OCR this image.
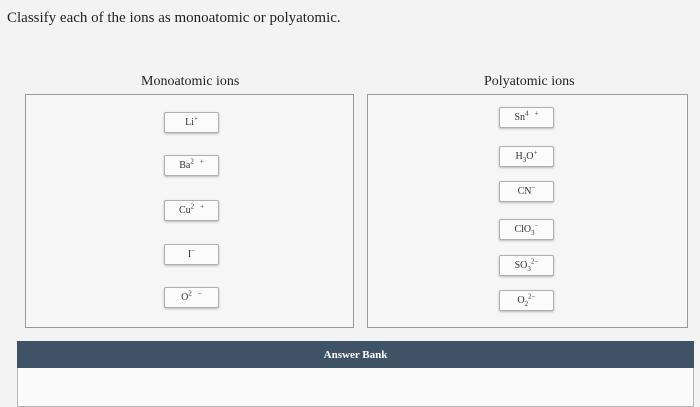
Classify each of the ions as monoatomic or polyatomic.
Monoatomic ions	Polyatomic ions
Li+
Ba$^2$ +
Cu$^2$ +
I−
$O^2$ −
Sn$^4$ +
$H_3O^+$
CN−
ClO$_3$−
$SO_3^{2-}$
$O_2^{2-}$
Answer Bank
